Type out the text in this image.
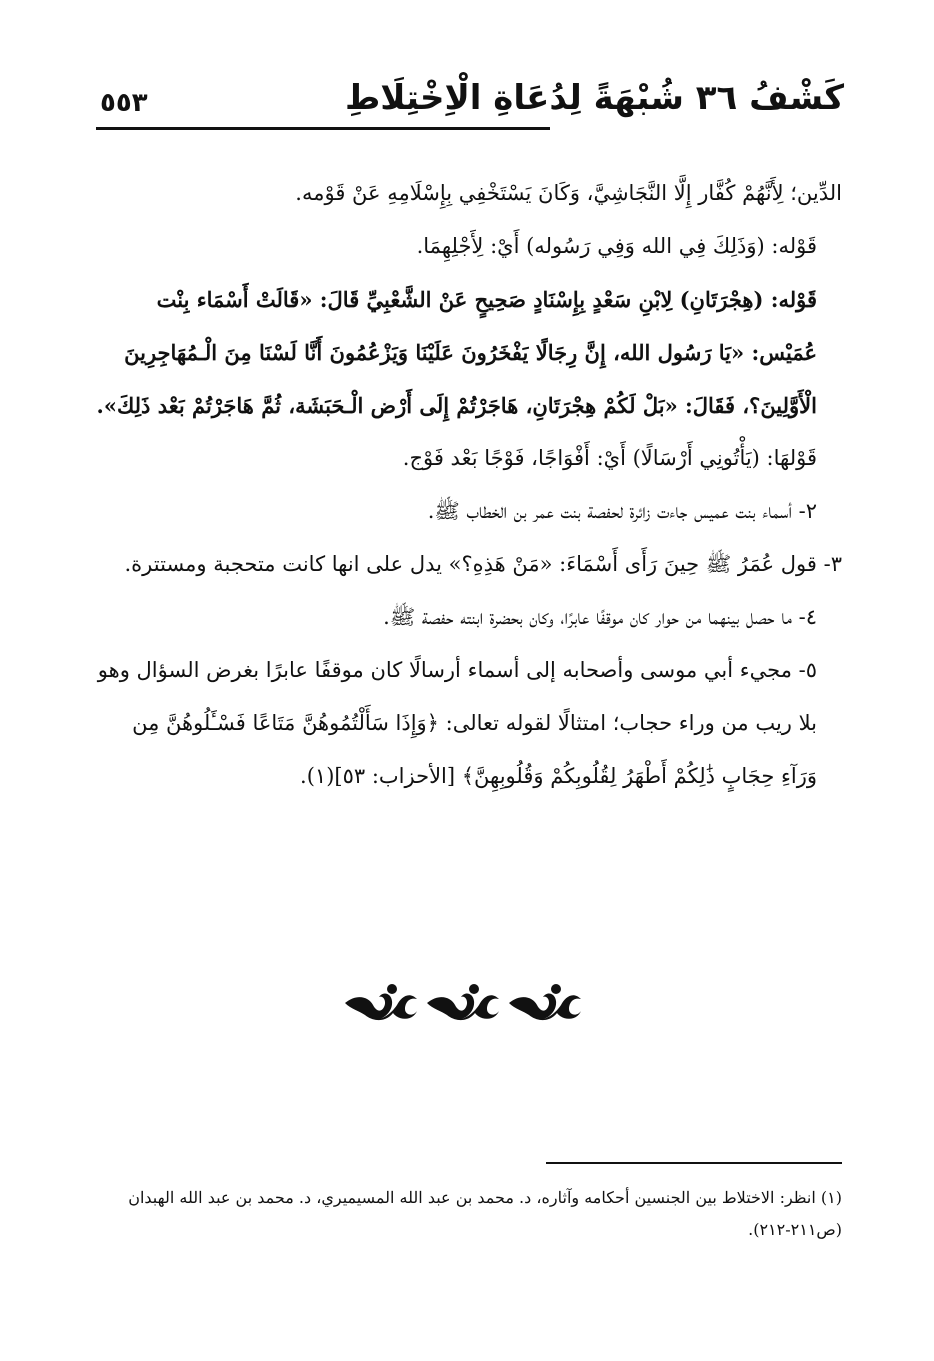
كَشْفُ ٣٦ شُبْهَةً لِدُعَاةِ الْاِخْتِلَاطِ
٥٥٣

الدِّين؛ لِأَنَّهُمْ كُفَّار إِلَّا النَّجَاشِيَّ، وَكَانَ يَسْتَخْفِي بِإِسْلَامِهِ عَنْ قَوْمه.

قَوْله: (وَذَلِكَ فِي الله وَفِي رَسُوله) أَيْ: لِأَجْلِهِمَا.

قَوْله: (هِجْرَتَانِ) لِابْنِ سَعْدٍ بِإِسْنَادٍ صَحِيحٍ عَنْ الشَّعْبِيِّ قَالَ: «قَالَتْ أَسْمَاء بِنْت عُمَيْس: «يَا رَسُول الله، إِنَّ رِجَالًا يَفْخَرُونَ عَلَيْنَا وَيَزْعُمُونَ أَنَّا لَسْنَا مِنَ الْـمُهَاجِرِينَ الْأَوَّلِينَ؟، فَقَالَ: «بَلْ لَكُمْ هِجْرَتَانِ، هَاجَرْتُمْ إِلَى أَرْض الْـحَبَشَة، ثُمَّ هَاجَرْتُمْ بَعْد ذَلِكَ».

قَوْلهَا: (يَأْتُونِي أَرْسَالًا) أَيْ: أَفْوَاجًا، فَوْجًا بَعْد فَوْج.

٢- أسماء بنت عميس جاءت زائرة لحفصة بنت عمر بن الخطاب ﷺ.

٣- قول عُمَرُ ﷺ حِينَ رَأَى أَسْمَاءَ: «مَنْ هَذِهِ؟» يدل على انها كانت متحجبة ومستترة.

٤- ما حصل بينهما من حوار كان موقفًا عابرًا، وكان بحضرة ابنته حفصة ﷺ.

٥- مجيء أبي موسى وأصحابه إلى أسماء أرسالًا كان موقفًا عابرًا بغرض السؤال وهو بلا ريب من وراء حجاب؛ امتثالًا لقوله تعالى: ﴿وَإِذَا سَأَلْتُمُوهُنَّ مَتَاعًا فَسْـَٔلُوهُنَّ مِن وَرَآءِ حِجَابٍ ذَٰلِكُمْ أَطْهَرُ لِقُلُوبِكُمْ وَقُلُوبِهِنَّ﴾ [الأحزاب: ٥٣](١).

(١) انظر: الاختلاط بين الجنسين أحكامه وآثاره، د. محمد بن عبد الله المسيميري، د. محمد بن عبد الله الهبدان (ص٢١١-٢١٢).
